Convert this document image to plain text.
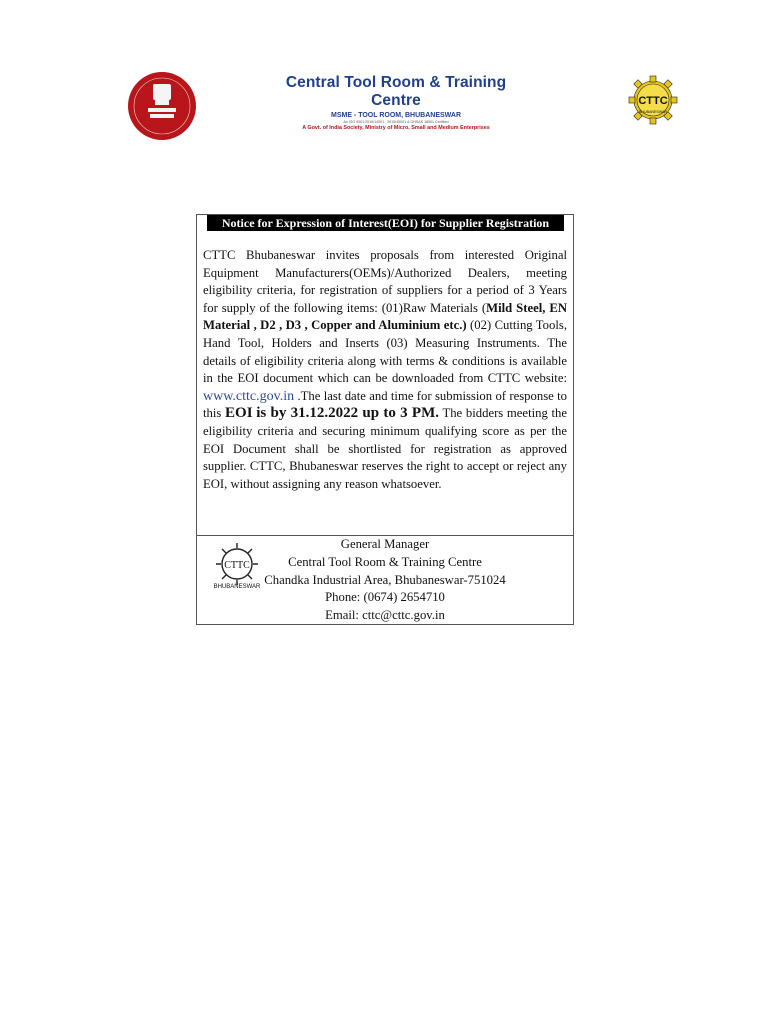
Central Tool Room & Training Centre
MSME - TOOL ROOM, BHUBANESWAR
An ISO 9001:2015/14001 : 2015/45001 & OHSAS 18001 Certified
A Govt. of India Society, Ministry of Micro, Small and Medium Enterprises
CTTC
BHUBANESWAR
Notice for Expression of Interest(EOI) for Supplier Registration
CTTC Bhubaneswar invites proposals from interested Original Equipment Manufacturers(OEMs)/Authorized Dealers, meeting eligibility criteria, for registration of suppliers for a period of 3 Years for supply of the following items: (01)Raw Materials (Mild Steel, EN Material , D2 , D3 , Copper and Aluminium etc.) (02) Cutting Tools, Hand Tool, Holders and Inserts (03) Measuring Instruments. The details of eligibility criteria along with terms & conditions is available in the EOI document which can be downloaded from CTTC website: www.cttc.gov.in .The last date and time for submission of response to this EOI is by 31.12.2022 up to 3 PM. The bidders meeting the eligibility criteria and securing minimum qualifying score as per the EOI Document shall be shortlisted for registration as approved supplier. CTTC, Bhubaneswar reserves the right to accept or reject any EOI, without assigning any reason whatsoever.
CTTC
BHUBANESWAR
General Manager
Central Tool Room & Training Centre
Chandka Industrial Area, Bhubaneswar-751024
Phone: (0674) 2654710
Email: cttc@cttc.gov.in
